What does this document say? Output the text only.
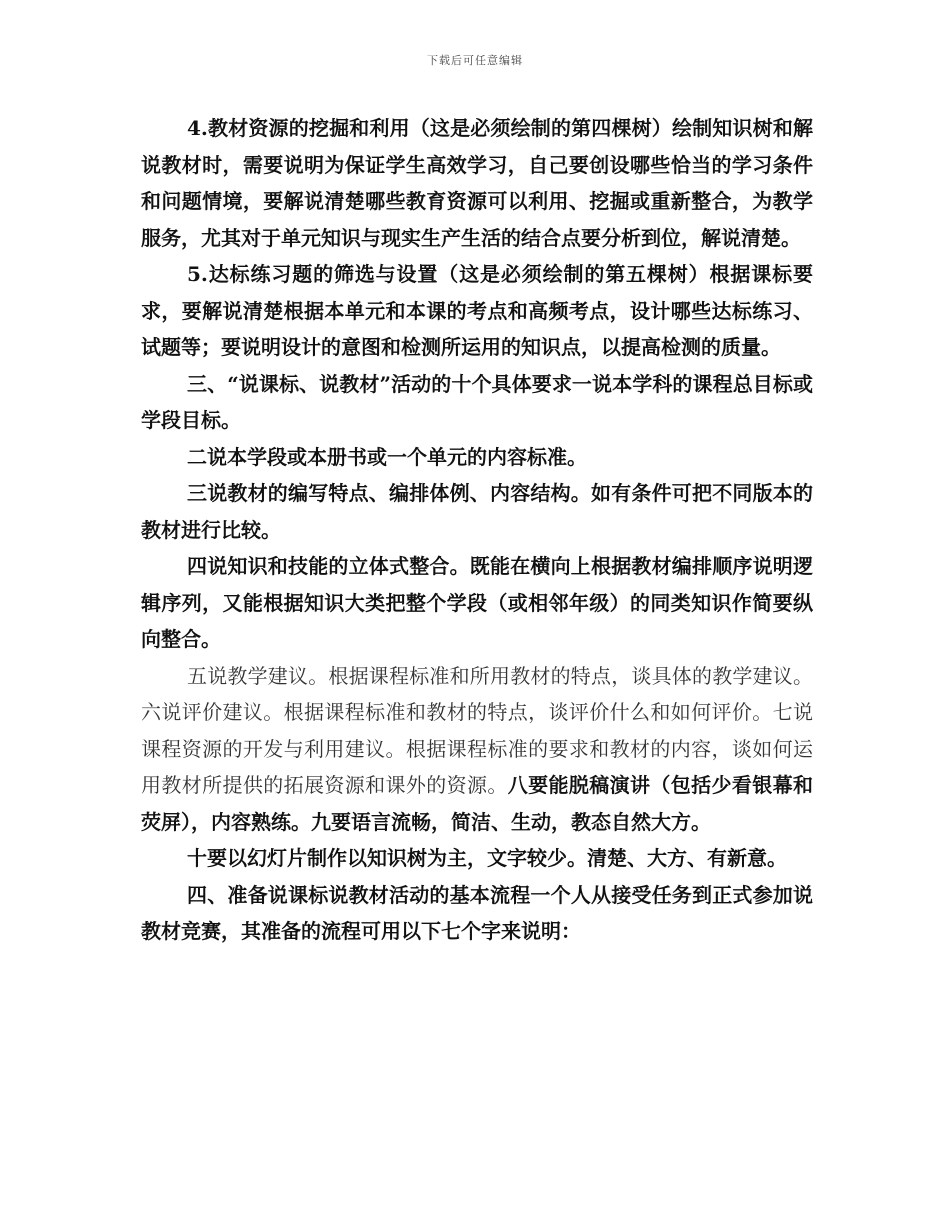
下载后可任意编辑

4.教材资源的挖掘和利用（这是必须绘制的第四棵树）绘制知识树和解说教材时，需要说明为保证学生高效学习，自己要创设哪些恰当的学习条件和问题情境，要解说清楚哪些教育资源可以利用、挖掘或重新整合，为教学服务，尤其对于单元知识与现实生产生活的结合点要分析到位，解说清楚。

5.达标练习题的筛选与设置（这是必须绘制的第五棵树）根据课标要求，要解说清楚根据本单元和本课的考点和高频考点，设计哪些达标练习、试题等；要说明设计的意图和检测所运用的知识点，以提高检测的质量。

三、“说课标、说教材”活动的十个具体要求一说本学科的课程总目标或学段目标。

二说本学段或本册书或一个单元的内容标准。

三说教材的编写特点、编排体例、内容结构。如有条件可把不同版本的教材进行比较。

四说知识和技能的立体式整合。既能在横向上根据教材编排顺序说明逻辑序列，又能根据知识大类把整个学段（或相邻年级）的同类知识作简要纵向整合。

五说教学建议。根据课程标准和所用教材的特点，谈具体的教学建议。六说评价建议。根据课程标准和教材的特点，谈评价什么和如何评价。七说课程资源的开发与利用建议。根据课程标准的要求和教材的内容，谈如何运用教材所提供的拓展资源和课外的资源。八要能脱稿演讲（包括少看银幕和荧屏），内容熟练。九要语言流畅，简洁、生动，教态自然大方。

十要以幻灯片制作以知识树为主，文字较少。清楚、大方、有新意。

四、准备说课标说教材活动的基本流程一个人从接受任务到正式参加说教材竞赛，其准备的流程可用以下七个字来说明：
